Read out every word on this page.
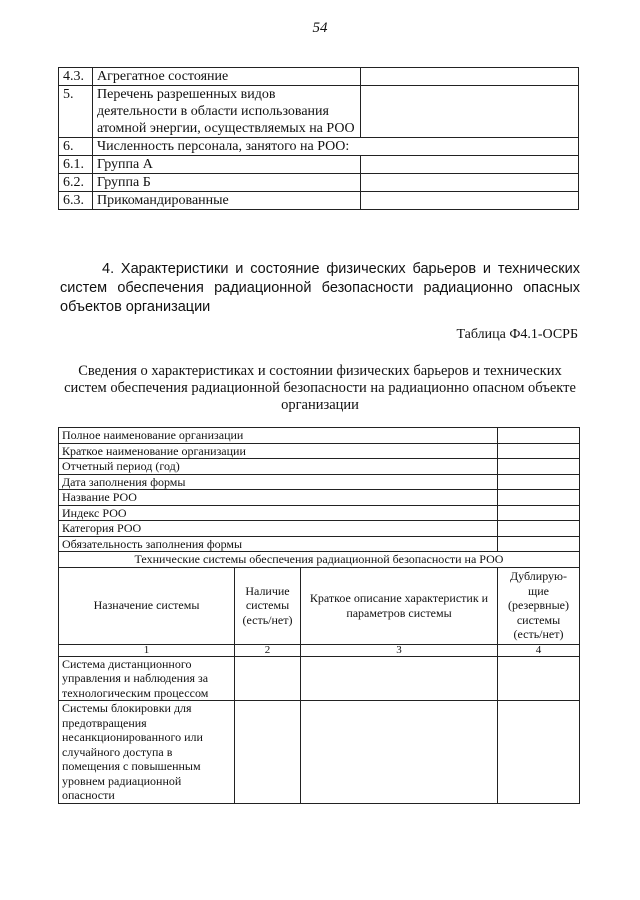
54
4.3.	Агрегатное состояние	
5.	Перечень разрешенных видов деятельности в области использования атомной энергии, осуществляемых на РОО	
6.	Численность персонала, занятого на РОО:	
6.1.	Группа А	
6.2.	Группа Б	
6.3.	Прикомандированные	

4. Характеристики и состояние физических барьеров и технических систем обеспечения радиационной безопасности радиационно опасных объектов организации

Таблица Ф4.1-ОСРБ
Сведения о характеристиках и состоянии физических барьеров и технических систем обеспечения радиационной безопасности на радиационно опасном объекте организации
Полное наименование организации			
Краткое наименование организации			
Отчетный период (год)			
Дата заполнения формы			
Название РОО			
Индекс РОО			
Категория РОО			
Обязательность заполнения формы			
Технические системы обеспечения радиационной безопасности на РОО			
Назначение системы	Наличие системы (есть/нет)	Краткое описание характеристик и параметров системы	Дублирую-щие (резервные) системы (есть/нет)
1	2	3	4
Система дистанционного управления и наблюдения за технологическим процессом			
Системы блокировки для предотвращения несанкционированного или случайного доступа в помещения с повышенным уровнем радиационной опасности			
